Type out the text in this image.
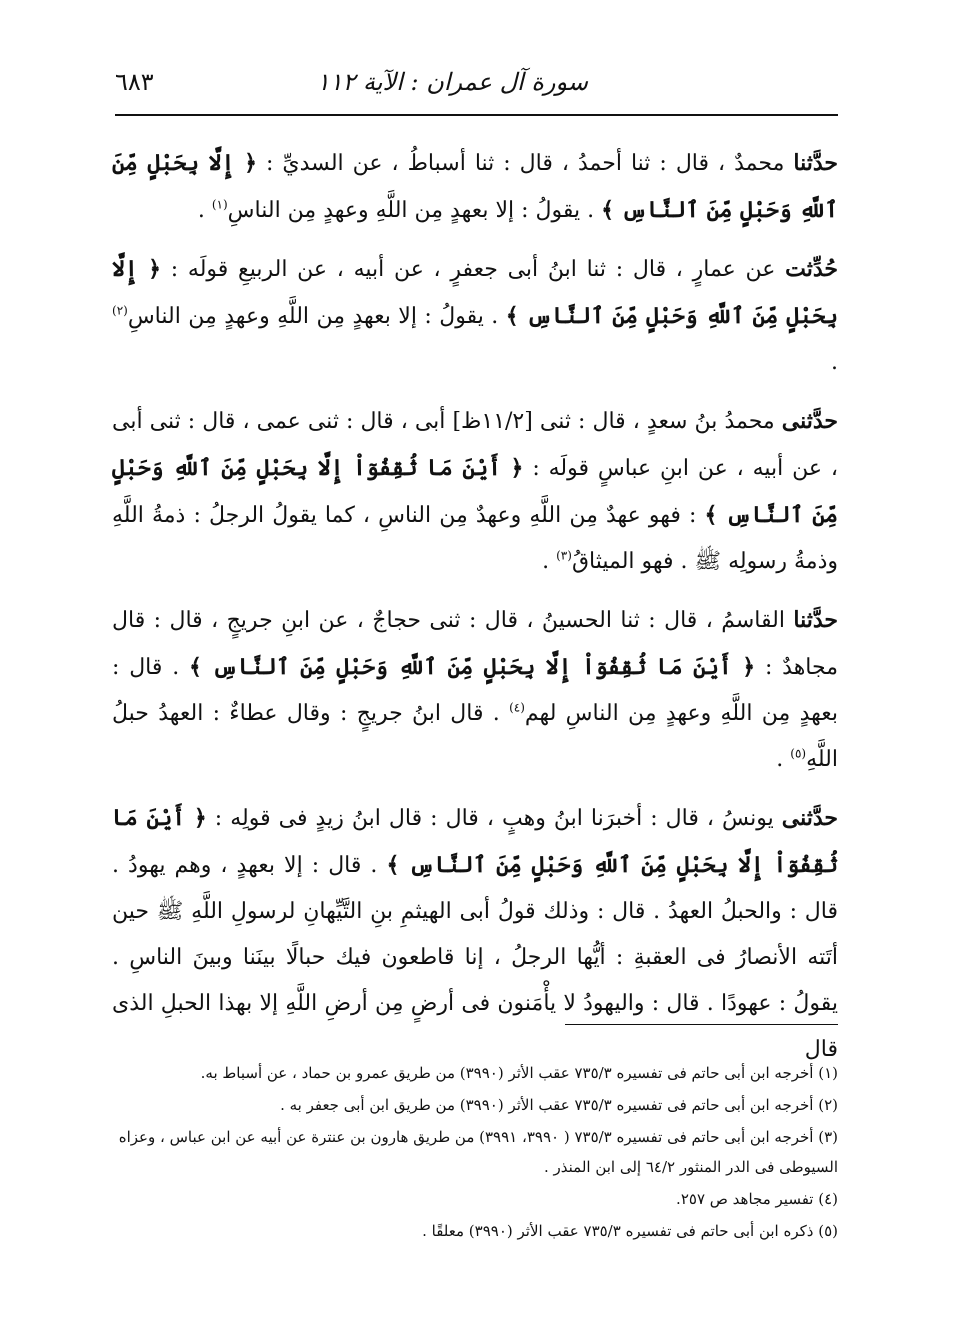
سورة آل عمران : الآية ١١٢
٦٨٣

حدَّثنا محمدٌ ، قال : ثنا أحمدُ ، قال : ثنا أسباطُ ، عن السديِّ : ﴿ إِلَّا بِحَبْلٍ مِّنَ ٱللَّهِ وَحَبْلٍ مِّنَ ٱلنَّاسِ ﴾ . يقولُ : إلا بعهدٍ مِن اللَّهِ وعهدٍ مِن الناسِ$^{(١)}$ .

حُدِّثت عن عمارٍ ، قال : ثنا ابنُ أبى جعفرٍ ، عن أبيه ، عن الربيعِ قولَه : ﴿ إِلَّا بِحَبْلٍ مِّنَ ٱللَّهِ وَحَبْلٍ مِّنَ ٱلنَّاسِ ﴾ . يقولُ : إلا بعهدٍ مِن اللَّهِ وعهدٍ مِن الناسِ$^{(٢)}$ .

حدَّثنى محمدُ بنُ سعدٍ ، قال : ثنى [١١/٢ظ] أبى ، قال : ثنى عمى ، قال : ثنى أبى ، عن أبيه ، عن ابنِ عباسٍ قولَه : ﴿ أَيْنَ مَا ثُقِفُوٓاْ إِلَّا بِحَبْلٍ مِّنَ ٱللَّهِ وَحَبْلٍ مِّنَ ٱلنَّاسِ ﴾ : فهو عهدٌ مِن اللَّهِ وعهدٌ مِن الناسِ ، كما يقولُ الرجلُ : ذمةُ اللَّهِ وذمةُ رسولِه ﷺ . فهو الميثاقُ$^{(٣)}$ .

حدَّثنا القاسمُ ، قال : ثنا الحسينُ ، قال : ثنى حجاجٌ ، عن ابنِ جريجٍ ، قال : قال مجاهدٌ : ﴿ أَيْنَ مَا ثُقِفُوٓاْ إِلَّا بِحَبْلٍ مِّنَ ٱللَّهِ وَحَبْلٍ مِّنَ ٱلنَّاسِ ﴾ . قال : بعهدٍ مِن اللَّهِ وعهدٍ مِن الناسِ لهم$^{(٤)}$ . قال ابنُ جريجٍ : وقال عطاءٌ : العهدُ حبلُ اللَّهِ$^{(٥)}$ .

حدَّثنى يونسُ ، قال : أخبرَنا ابنُ وهبٍ ، قال : قال ابنُ زيدٍ فى قولِه : ﴿ أَيْنَ مَا ثُقِفُوٓاْ إِلَّا بِحَبْلٍ مِّنَ ٱللَّهِ وَحَبْلٍ مِّنَ ٱلنَّاسِ ﴾ . قال : إلا بعهدٍ ، وهم يهودُ . قال : والحبلُ العهدُ . قال : وذلك قولُ أبى الهيثمِ بنِ التَّيِّهانِ لرسولِ اللَّهِ ﷺ حين أتَته الأنصارُ فى العقبةِ : أيُّها الرجلُ ، إنا قاطعون فيك حبالًا بينَنا وبينَ الناسِ . يقولُ : عهودًا . قال : واليهودُ لا يأْمَنون فى أرضٍ مِن أرضِ اللَّهِ إلا بهذا الحبلِ الذى قال

(١) أخرجه ابن أبى حاتم فى تفسيره ٧٣٥/٣ عقب الأثر (٣٩٩٠) من طريق عمرو بن حماد ، عن أسباط به.

(٢) أخرجه ابن أبى حاتم فى تفسيره ٧٣٥/٣ عقب الأثر (٣٩٩٠) من طريق ابن أبى جعفر به .

(٣) أخرجه ابن أبى حاتم فى تفسيره ٧٣٥/٣ ( ٣٩٩٠، ٣٩٩١) من طريق هارون بن عنترة عن أبيه عن ابن عباس ، وعزاه السيوطى فى الدر المنثور ٦٤/٢ إلى ابن المنذر .

(٤) تفسير مجاهد ص ٢٥٧.

(٥) ذكره ابن أبى حاتم فى تفسيره ٧٣٥/٣ عقب الأثر (٣٩٩٠) معلقًا .
